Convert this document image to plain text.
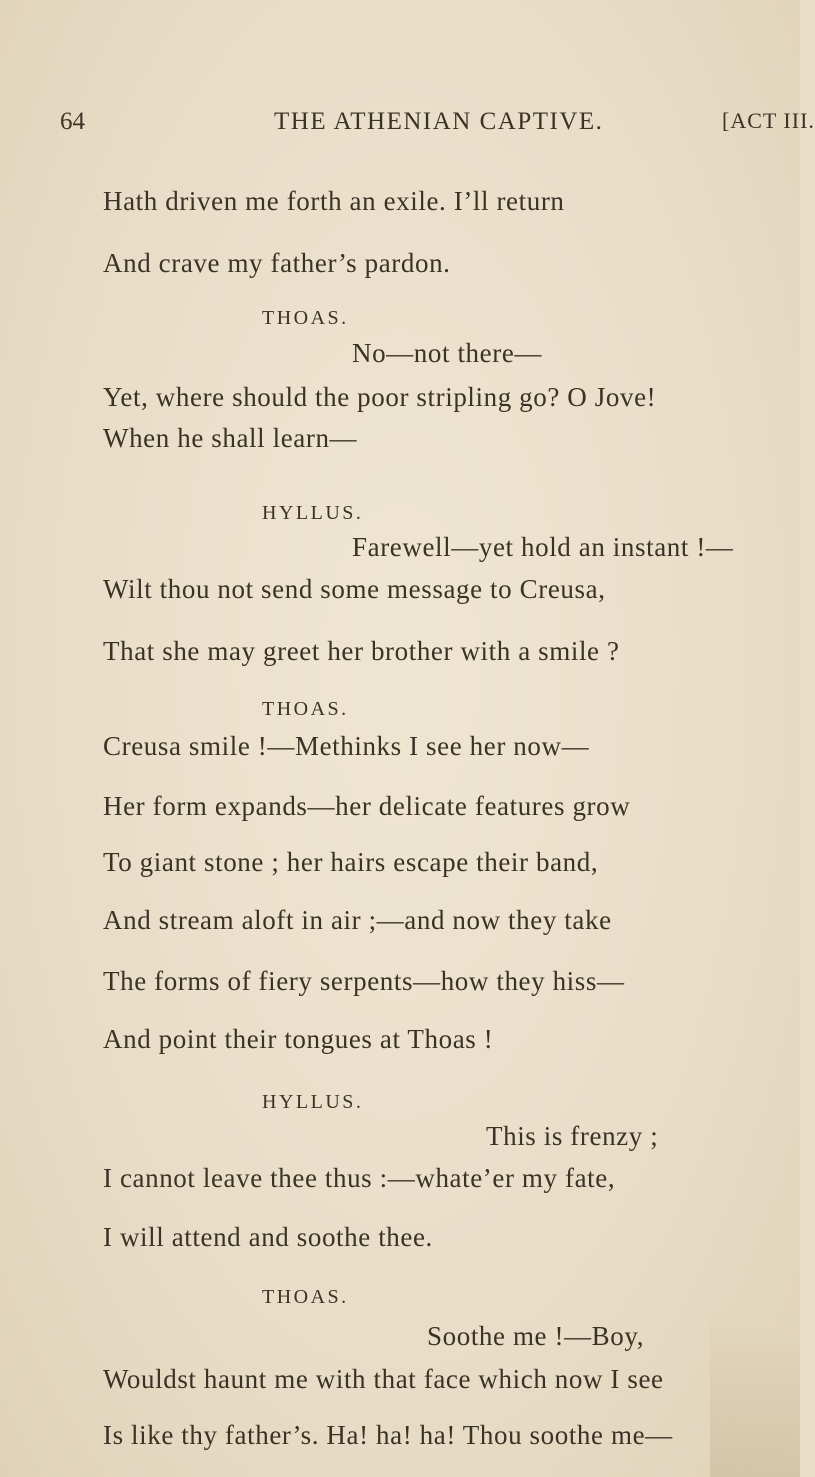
64	THE ATHENIAN CAPTIVE.	[ACT III.
Hath driven me forth an exile. I’ll return
And crave my father’s pardon.
THOAS.
No—not there—
Yet, where should the poor stripling go? O Jove!
When he shall learn—
HYLLUS.
Farewell—yet hold an instant !—
Wilt thou not send some message to Creusa,
That she may greet her brother with a smile ?
THOAS.
Creusa smile !—Methinks I see her now—
Her form expands—her delicate features grow
To giant stone ; her hairs escape their band,
And stream aloft in air ;—and now they take
The forms of fiery serpents—how they hiss—
And point their tongues at Thoas !
HYLLUS.
This is frenzy ;
I cannot leave thee thus :—whate’er my fate,
I will attend and soothe thee.
THOAS.
Soothe me !—Boy,
Wouldst haunt me with that face which now I see
Is like thy father’s. Ha! ha! ha! Thou soothe me—
